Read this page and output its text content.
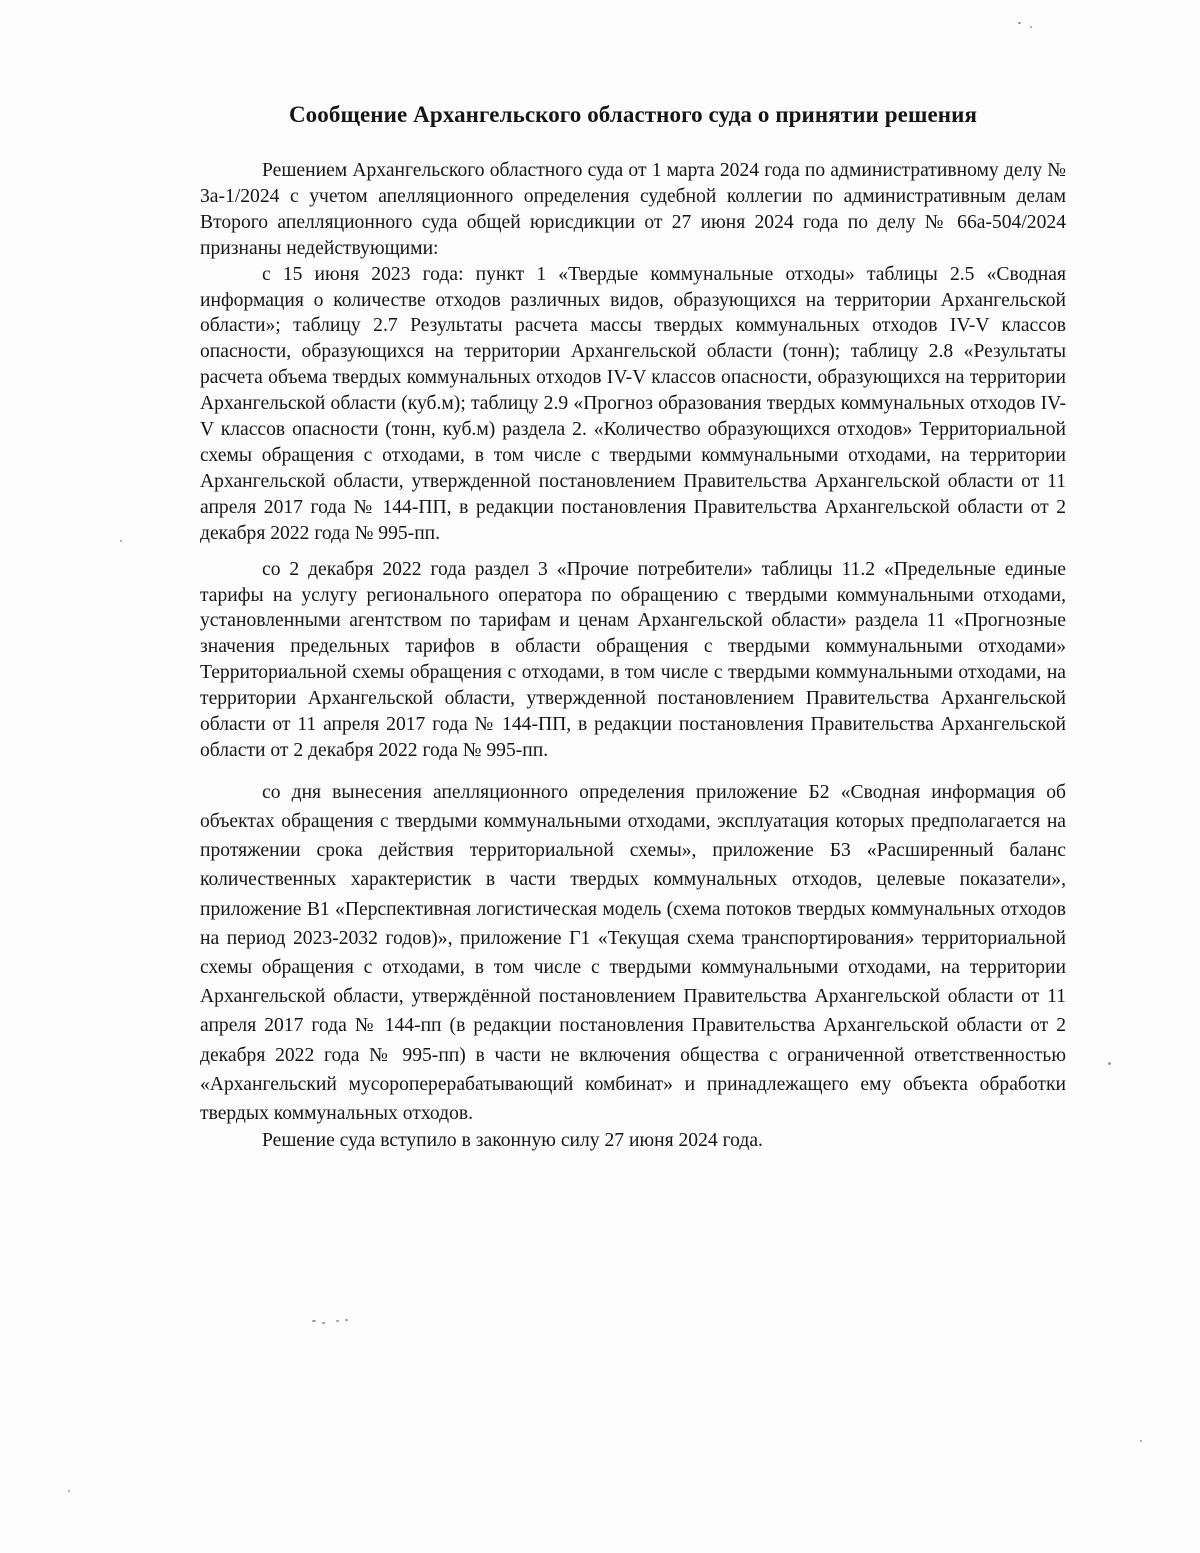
Сообщение Архангельского областного суда о принятии решения

Решением Архангельского областного суда от 1 марта 2024 года по административному делу № 3а-1/2024 с учетом апелляционного определения судебной коллегии по административным делам Второго апелляционного суда общей юрисдикции от 27 июня 2024 года по делу № 66а-504/2024 признаны недействующими:

с 15 июня 2023 года: пункт 1 «Твердые коммунальные отходы» таблицы 2.5 «Сводная информация о количестве отходов различных видов, образующихся на территории Архангельской области»; таблицу 2.7 Результаты расчета массы твердых коммунальных отходов IV-V классов опасности, образующихся на территории Архангельской области (тонн); таблицу 2.8 «Результаты расчета объема твердых коммунальных отходов IV-V классов опасности, образующихся на территории Архангельской области (куб.м); таблицу 2.9 «Прогноз образования твердых коммунальных отходов IV-V классов опасности (тонн, куб.м) раздела 2. «Количество образующихся отходов» Территориальной схемы обращения с отходами, в том числе с твердыми коммунальными отходами, на территории Архангельской области, утвержденной постановлением Правительства Архангельской области от 11 апреля 2017 года № 144-ПП, в редакции постановления Правительства Архангельской области от 2 декабря 2022 года № 995-пп.

со 2 декабря 2022 года раздел 3 «Прочие потребители» таблицы 11.2 «Предельные единые тарифы на услугу регионального оператора по обращению с твердыми коммунальными отходами, установленными агентством по тарифам и ценам Архангельской области» раздела 11 «Прогнозные значения предельных тарифов в области обращения с твердыми коммунальными отходами» Территориальной схемы обращения с отходами, в том числе с твердыми коммунальными отходами, на территории Архангельской области, утвержденной постановлением Правительства Архангельской области от 11 апреля 2017 года № 144-ПП, в редакции постановления Правительства Архангельской области от 2 декабря 2022 года № 995-пп.

со дня вынесения апелляционного определения приложение Б2 «Сводная информация об объектах обращения с твердыми коммунальными отходами, эксплуатация которых предполагается на протяжении срока действия территориальной схемы», приложение Б3 «Расширенный баланс количественных характеристик в части твердых коммунальных отходов, целевые показатели», приложение В1 «Перспективная логистическая модель (схема потоков твердых коммунальных отходов на период 2023-2032 годов)», приложение Г1 «Текущая схема транспортирования» территориальной схемы обращения с отходами, в том числе с твердыми коммунальными отходами, на территории Архангельской области, утверждённой постановлением Правительства Архангельской области от 11 апреля 2017 года № 144-пп (в редакции постановления Правительства Архангельской области от 2 декабря 2022 года № 995-пп) в части не включения общества с ограниченной ответственностью «Архангельский мусороперерабатывающий комбинат» и принадлежащего ему объекта обработки твердых коммунальных отходов.

Решение суда вступило в законную силу 27 июня 2024 года.
